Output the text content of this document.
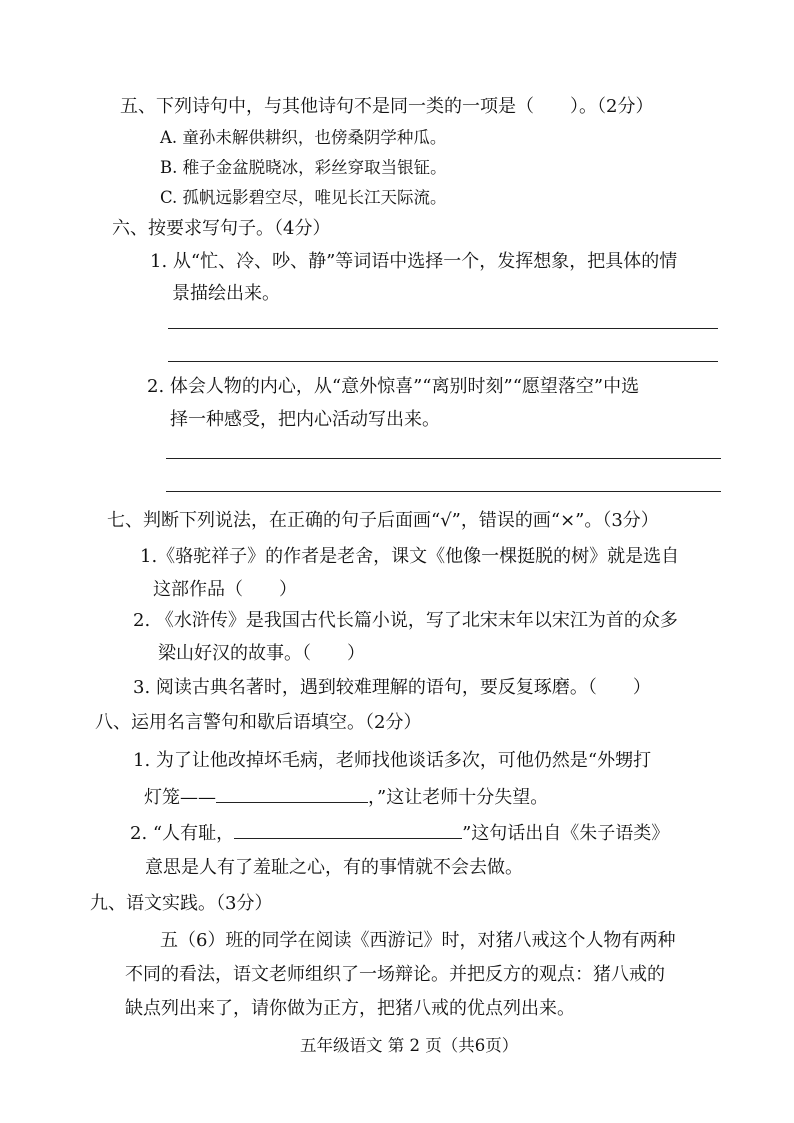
五、下列诗句中，与其他诗句不是同一类的一项是（　　）。（2分）
A. 童孙未解供耕织，也傍桑阴学种瓜。
B. 稚子金盆脱晓冰，彩丝穿取当银钲。
C. 孤帆远影碧空尽，唯见长江天际流。
六、按要求写句子。（4分）
1. 从“忙、冷、吵、静”等词语中选择一个，发挥想象，把具体的情
景描绘出来。
2. 体会人物的内心，从“意外惊喜”“离别时刻”“愿望落空”中选
择一种感受，把内心活动写出来。
七、判断下列说法，在正确的句子后面画“√”，错误的画“×”。（3分）
1.《骆驼祥子》的作者是老舍，课文《他像一棵挺脱的树》就是选自
这部作品（　　）
2. 《水浒传》是我国古代长篇小说，写了北宋末年以宋江为首的众多
梁山好汉的故事。（　　）
3. 阅读古典名著时，遇到较难理解的语句，要反复琢磨。（　　）
八、运用名言警句和歇后语填空。（2分）
1. 为了让他改掉坏毛病，老师找他谈话多次，可他仍然是“外甥打
灯笼——	，”这让老师十分失望。
2. “人有耻，	”这句话出自《朱子语类》
意思是人有了羞耻之心，有的事情就不会去做。
九、语文实践。（3分）
五（6）班的同学在阅读《西游记》时，对猪八戒这个人物有两种
不同的看法，语文老师组织了一场辩论。并把反方的观点：猪八戒的
缺点列出来了，请你做为正方，把猪八戒的优点列出来。
五年级语文 第 2 页（共6页）
